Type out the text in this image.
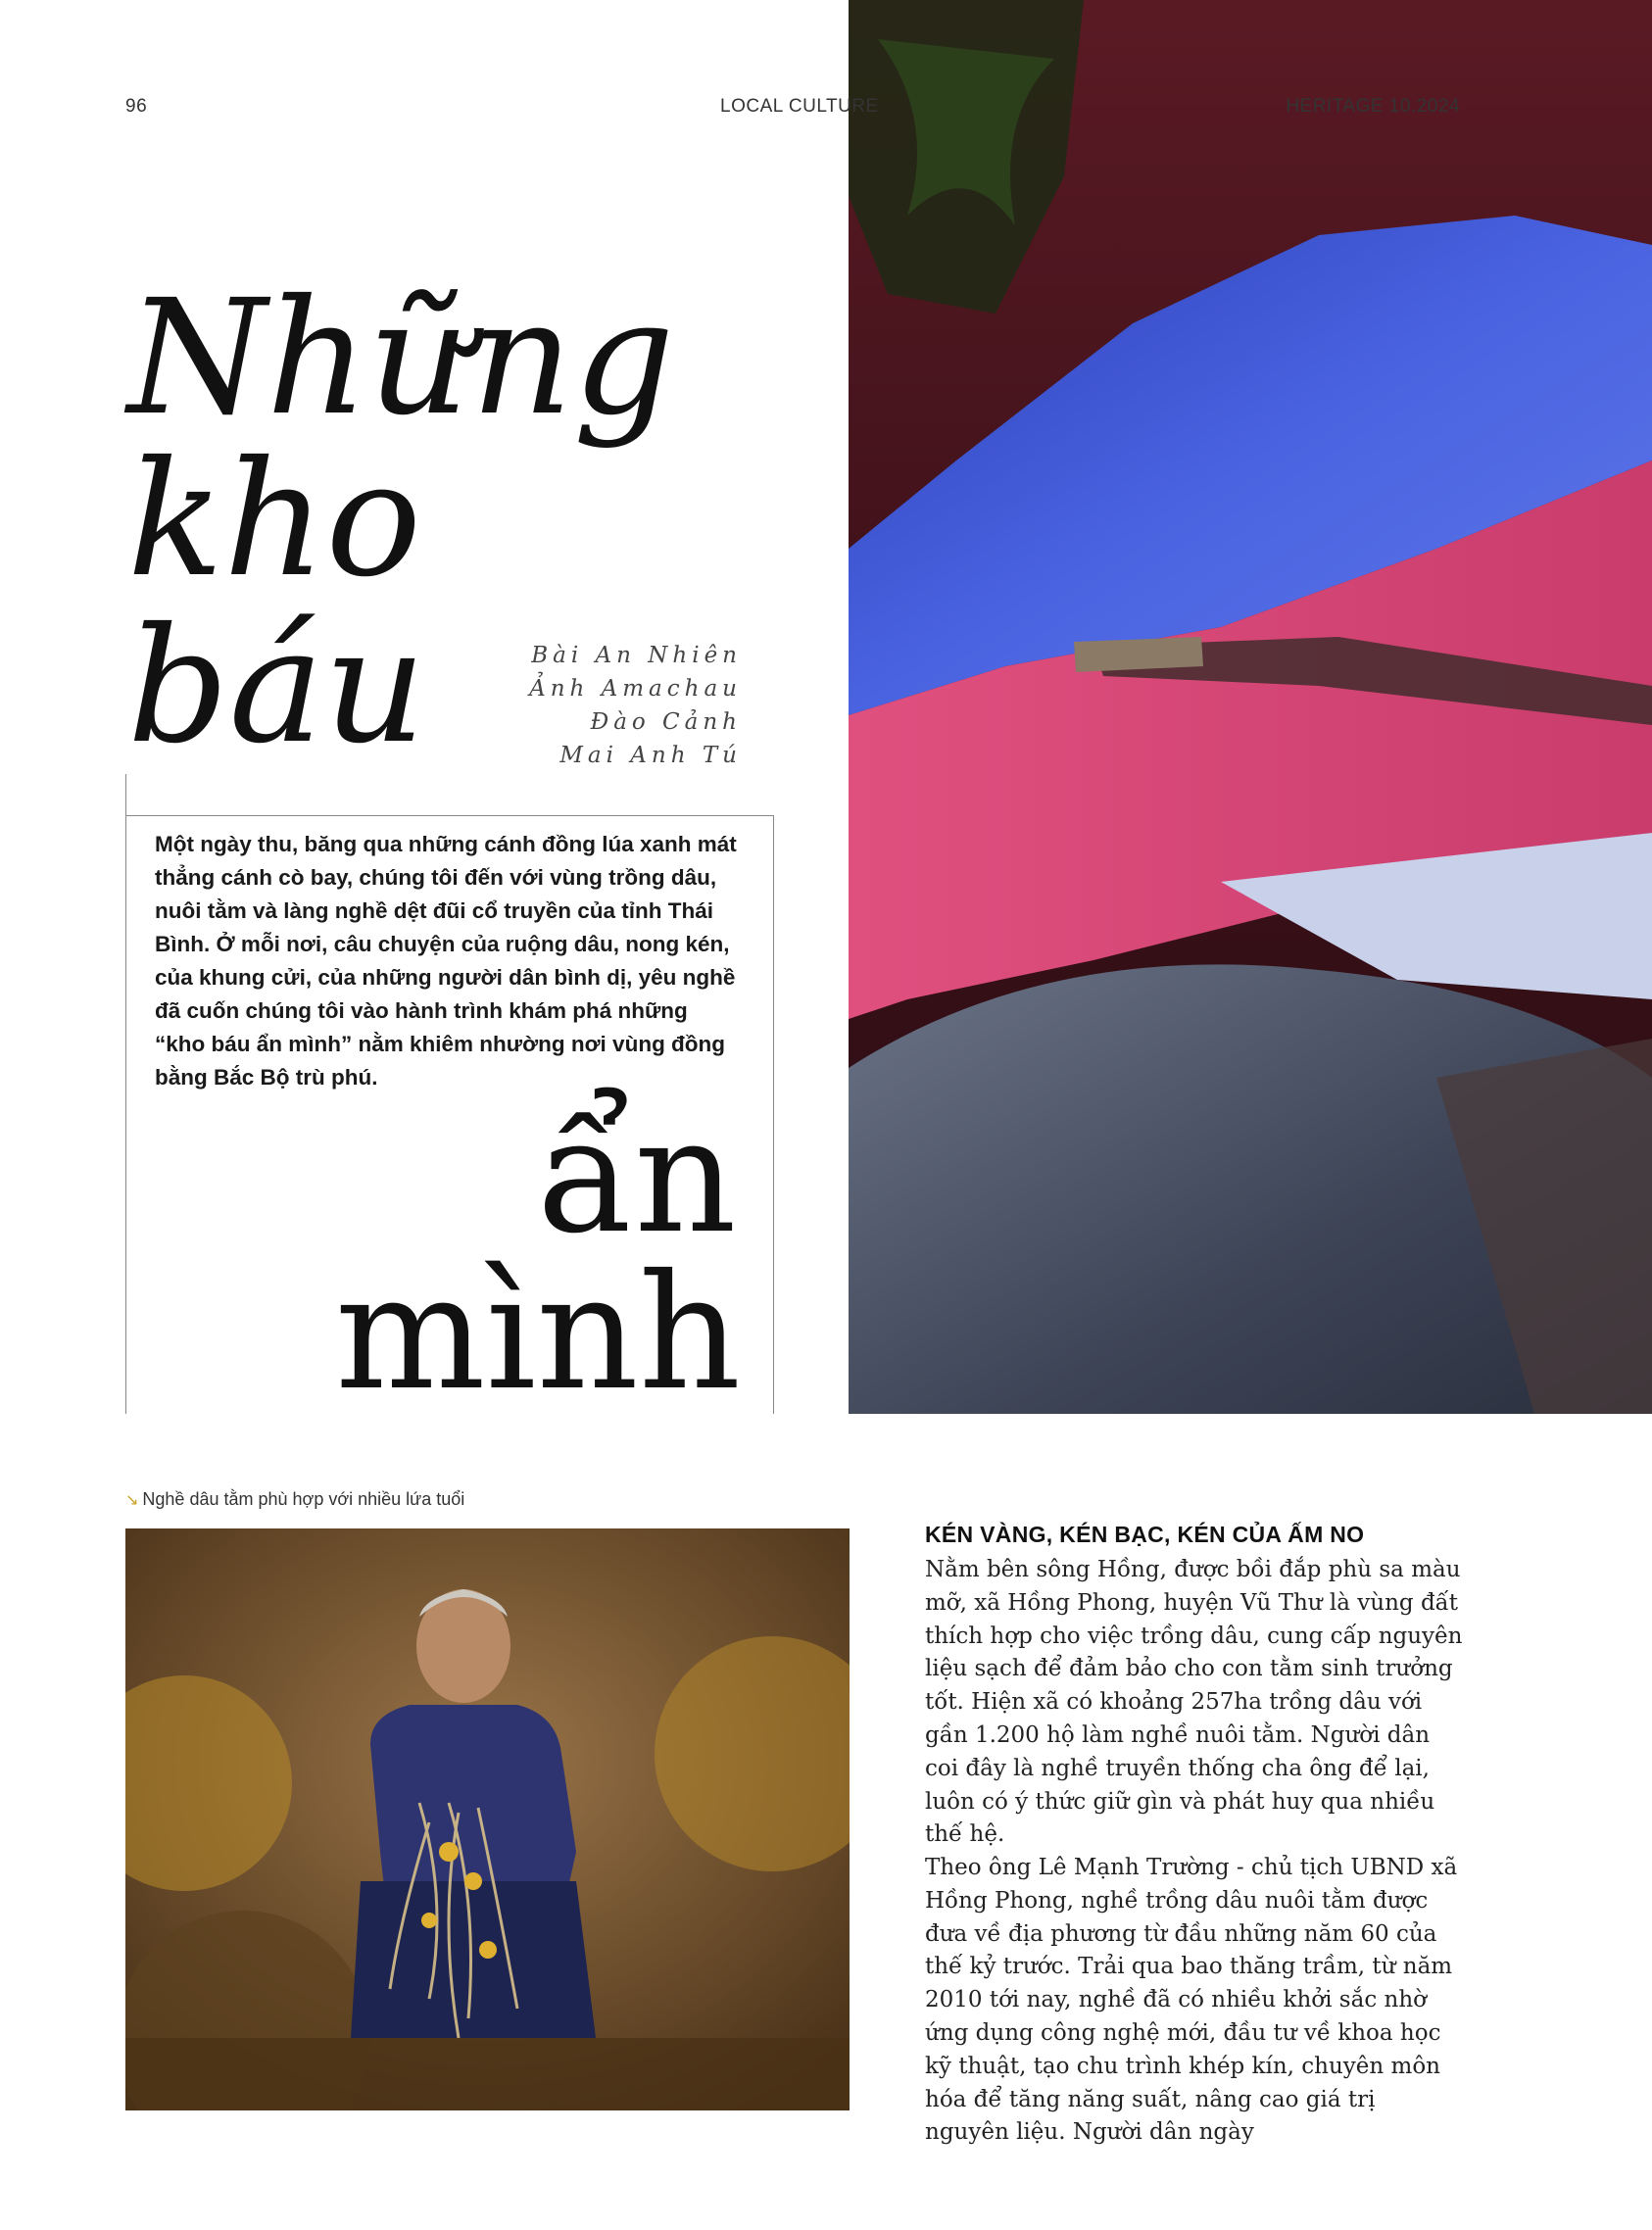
96	LOCAL CULTURE	HERITAGE 10.2024
Những
kho
báu	Bài An Nhiên
Ảnh Amachau
Đào Cảnh
Mai Anh Tú
Một ngày thu, băng qua những cánh đồng lúa xanh mát thẳng cánh cò bay, chúng tôi đến với vùng trồng dâu, nuôi tằm và làng nghề dệt đũi cổ truyền của tỉnh Thái Bình. Ở mỗi nơi, câu chuyện của ruộng dâu, nong kén, của khung cửi, của những người dân bình dị, yêu nghề đã cuốn chúng tôi vào hành trình khám phá những “kho báu ẩn mình” nằm khiêm nhường nơi vùng đồng bằng Bắc Bộ trù phú.
ẩn
mình
↘ Nghề dâu tằm phù hợp với nhiều lứa tuổi
KÉN VÀNG, KÉN BẠC, KÉN CỦA ẤM NO
Nằm bên sông Hồng, được bồi đắp phù sa màu mỡ, xã Hồng Phong, huyện Vũ Thư là vùng đất thích hợp cho việc trồng dâu, cung cấp nguyên liệu sạch để đảm bảo cho con tằm sinh trưởng tốt. Hiện xã có khoảng 257ha trồng dâu với gần 1.200 hộ làm nghề nuôi tằm. Người dân coi đây là nghề truyền thống cha ông để lại, luôn có ý thức giữ gìn và phát huy qua nhiều thế hệ.
Theo ông Lê Mạnh Trường - chủ tịch UBND xã Hồng Phong, nghề trồng dâu nuôi tằm được đưa về địa phương từ đầu những năm 60 của thế kỷ trước. Trải qua bao thăng trầm, từ năm 2010 tới nay, nghề đã có nhiều khởi sắc nhờ ứng dụng công nghệ mới, đầu tư về khoa học kỹ thuật, tạo chu trình khép kín, chuyên môn hóa để tăng năng suất, nâng cao giá trị nguyên liệu. Người dân ngày
